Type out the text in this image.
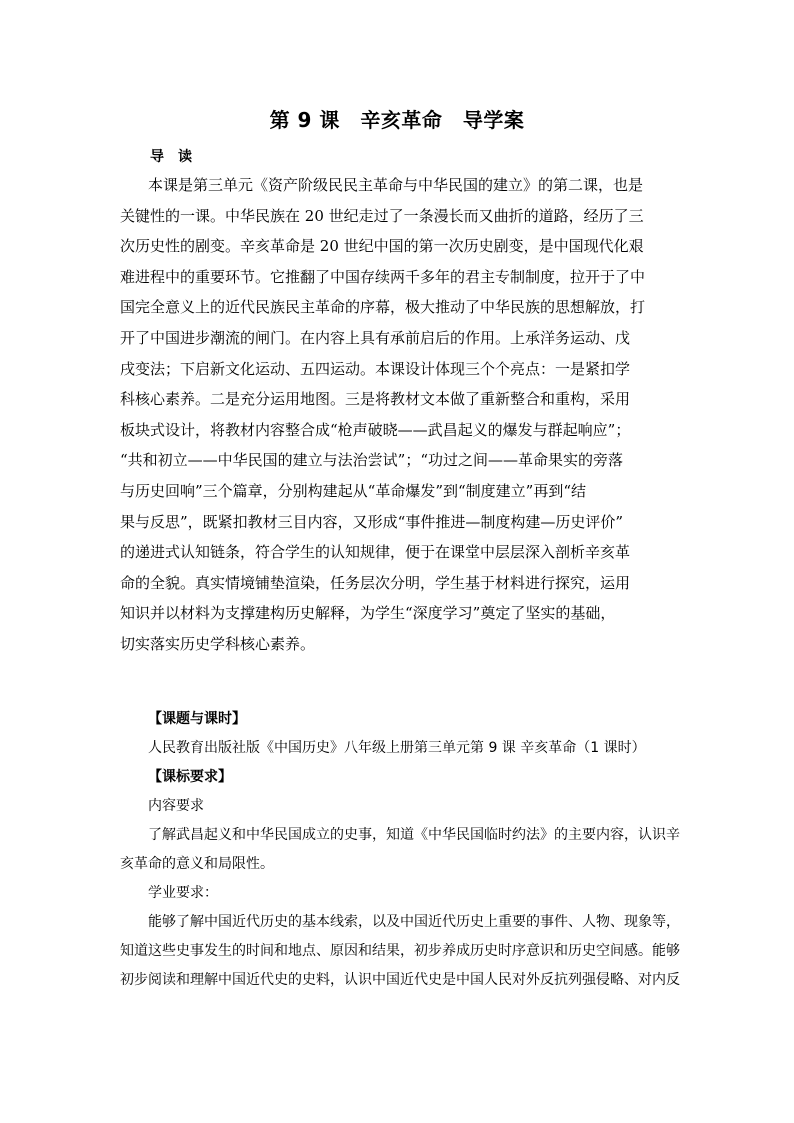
第 9 课　辛亥革命　导学案
导　读
本课是第三单元《资产阶级民民主革命与中华民国的建立》的第二课，也是
关键性的一课。中华民族在 20 世纪走过了一条漫长而又曲折的道路，经历了三
次历史性的剧变。辛亥革命是 20 世纪中国的第一次历史剧变，是中国现代化艰
难进程中的重要环节。它推翻了中国存续两千多年的君主专制制度，拉开于了中
国完全意义上的近代民族民主革命的序幕，极大推动了中华民族的思想解放，打
开了中国进步潮流的闸门。在内容上具有承前启后的作用。上承洋务运动、戊
戌变法；下启新文化运动、五四运动。本课设计体现三个个亮点：一是紧扣学
科核心素养。二是充分运用地图。三是将教材文本做了重新整合和重构，采用
板块式设计，将教材内容整合成“枪声破晓——武昌起义的爆发与群起响应”；
“共和初立——中华民国的建立与法治尝试”；“功过之间——革命果实的旁落
与历史回响”三个篇章，分别构建起从“革命爆发”到“制度建立”再到“结
果与反思”，既紧扣教材三目内容，又形成“事件推进—制度构建—历史评价”
的递进式认知链条，符合学生的认知规律，便于在课堂中层层深入剖析辛亥革
命的全貌。真实情境铺垫渲染，任务层次分明，学生基于材料进行探究，运用
知识并以材料为支撑建构历史解释，为学生“深度学习”奠定了坚实的基础，
切实落实历史学科核心素养。
【课题与课时】
人民教育出版社版《中国历史》八年级上册第三单元第 9 课 辛亥革命（1 课时）
【课标要求】
内容要求
了解武昌起义和中华民国成立的史事，知道《中华民国临时约法》的主要内容，认识辛
亥革命的意义和局限性。
学业要求：
能够了解中国近代历史的基本线索，以及中国近代历史上重要的事件、人物、现象等，
知道这些史事发生的时间和地点、原因和结果，初步养成历史时序意识和历史空间感。能够
初步阅读和理解中国近代史的史料，认识中国近代史是中国人民对外反抗列强侵略、对内反
